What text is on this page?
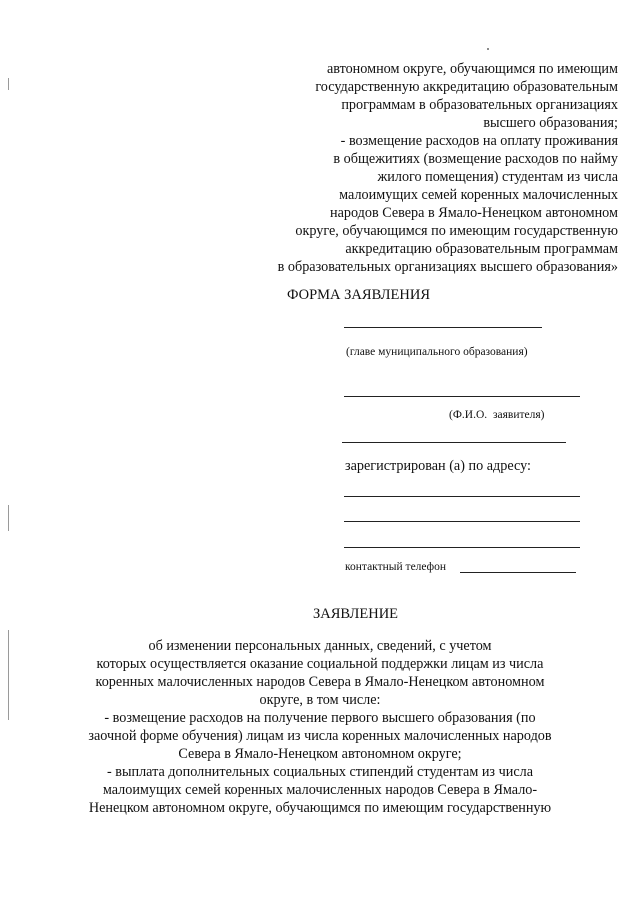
автономном округе, обучающимся по имеющим
государственную аккредитацию образовательным
программам в образовательных организациях
высшего образования;
- возмещение расходов на оплату проживания
в общежитиях (возмещение расходов по найму
жилого помещения) студентам из числа
малоимущих семей коренных малочисленных
народов Севера в Ямало-Ненецком автономном
округе, обучающимся по имеющим государственную
аккредитацию образовательным программам
в образовательных организациях высшего образования»
ФОРМА ЗАЯВЛЕНИЯ
(главе муниципального образования)
(Ф.И.О. заявителя)
зарегистрирован (а) по адресу:
контактный телефон
ЗАЯВЛЕНИЕ
об изменении персональных данных, сведений, с учетом
которых осуществляется оказание социальной поддержки лицам из числа
коренных малочисленных народов Севера в Ямало-Ненецком автономном
округе, в том числе:
- возмещение расходов на получение первого высшего образования (по
заочной форме обучения) лицам из числа коренных малочисленных народов
Севера в Ямало-Ненецком автономном округе;
- выплата дополнительных социальных стипендий студентам из числа
малоимущих семей коренных малочисленных народов Севера в Ямало-
Ненецком автономном округе, обучающимся по имеющим государственную
